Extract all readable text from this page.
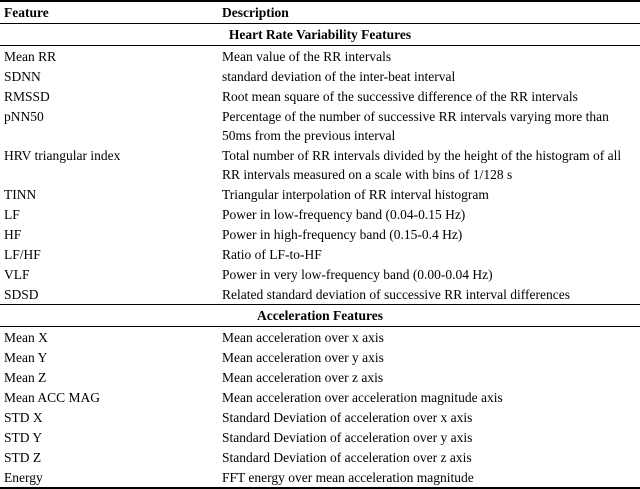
Feature	Description
Heart Rate Variability Features	
Mean RR	Mean value of the RR intervals
SDNN	standard deviation of the inter-beat interval
RMSSD	Root mean square of the successive difference of the RR intervals
pNN50	Percentage of the number of successive RR intervals varying more than 50ms from the previous interval
HRV triangular index	Total number of RR intervals divided by the height of the histogram of all RR intervals measured on a scale with bins of 1/128 s
TINN	Triangular interpolation of RR interval histogram
LF	Power in low-frequency band (0.04-0.15 Hz)
HF	Power in high-frequency band (0.15-0.4 Hz)
LF/HF	Ratio of LF-to-HF
VLF	Power in very low-frequency band (0.00-0.04 Hz)
SDSD	Related standard deviation of successive RR interval differences
Acceleration Features	
Mean X	Mean acceleration over x axis
Mean Y	Mean acceleration over y axis
Mean Z	Mean acceleration over z axis
Mean ACC MAG	Mean acceleration over acceleration magnitude axis
STD X	Standard Deviation of acceleration over x axis
STD Y	Standard Deviation of acceleration over y axis
STD Z	Standard Deviation of acceleration over z axis
Energy	FFT energy over mean acceleration magnitude
